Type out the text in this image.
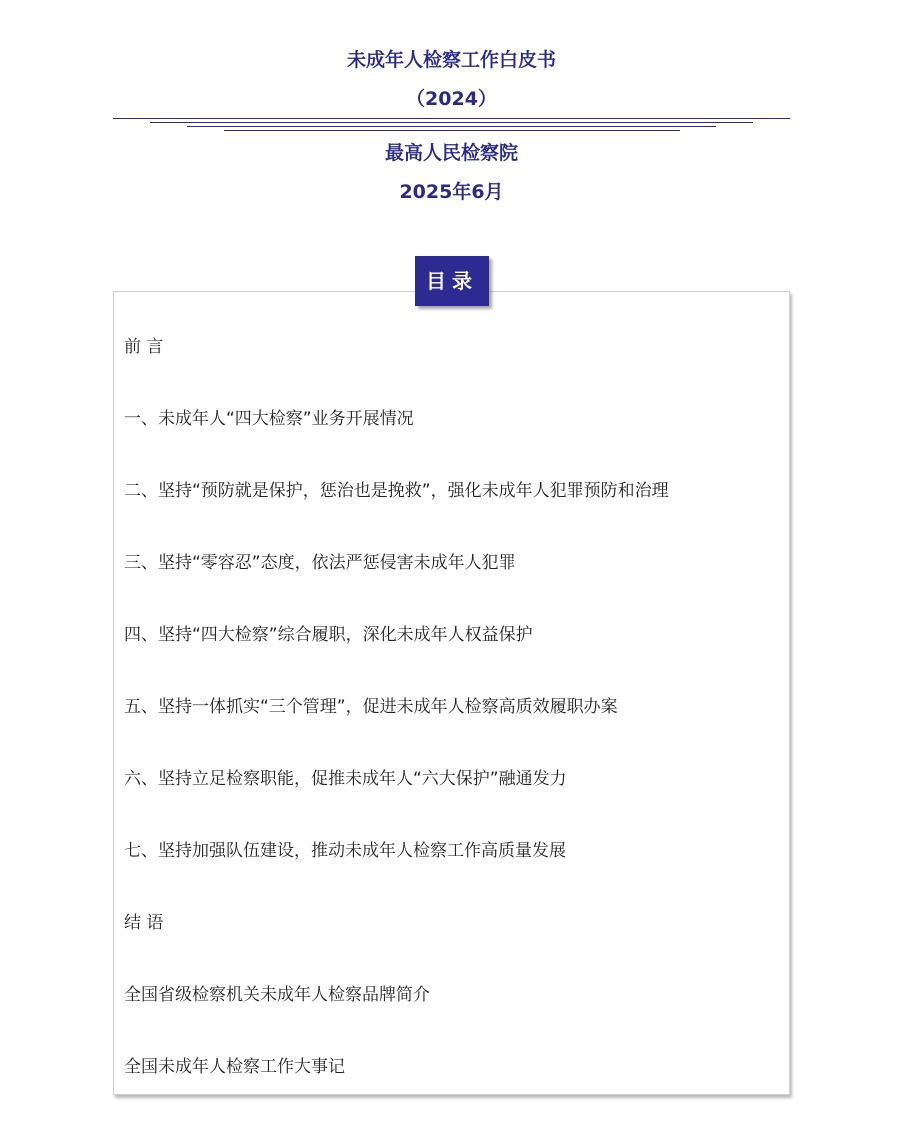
未成年人检察工作白皮书
（2024）
最高人民检察院
2025年6月
目录
前 言
一、未成年人“四大检察”业务开展情况
二、坚持“预防就是保护，惩治也是挽救”，强化未成年人犯罪预防和治理
三、坚持“零容忍”态度，依法严惩侵害未成年人犯罪
四、坚持“四大检察”综合履职，深化未成年人权益保护
五、坚持一体抓实“三个管理”，促进未成年人检察高质效履职办案
六、坚持立足检察职能，促推未成年人“六大保护”融通发力
七、坚持加强队伍建设，推动未成年人检察工作高质量发展
结 语
全国省级检察机关未成年人检察品牌简介
全国未成年人检察工作大事记
